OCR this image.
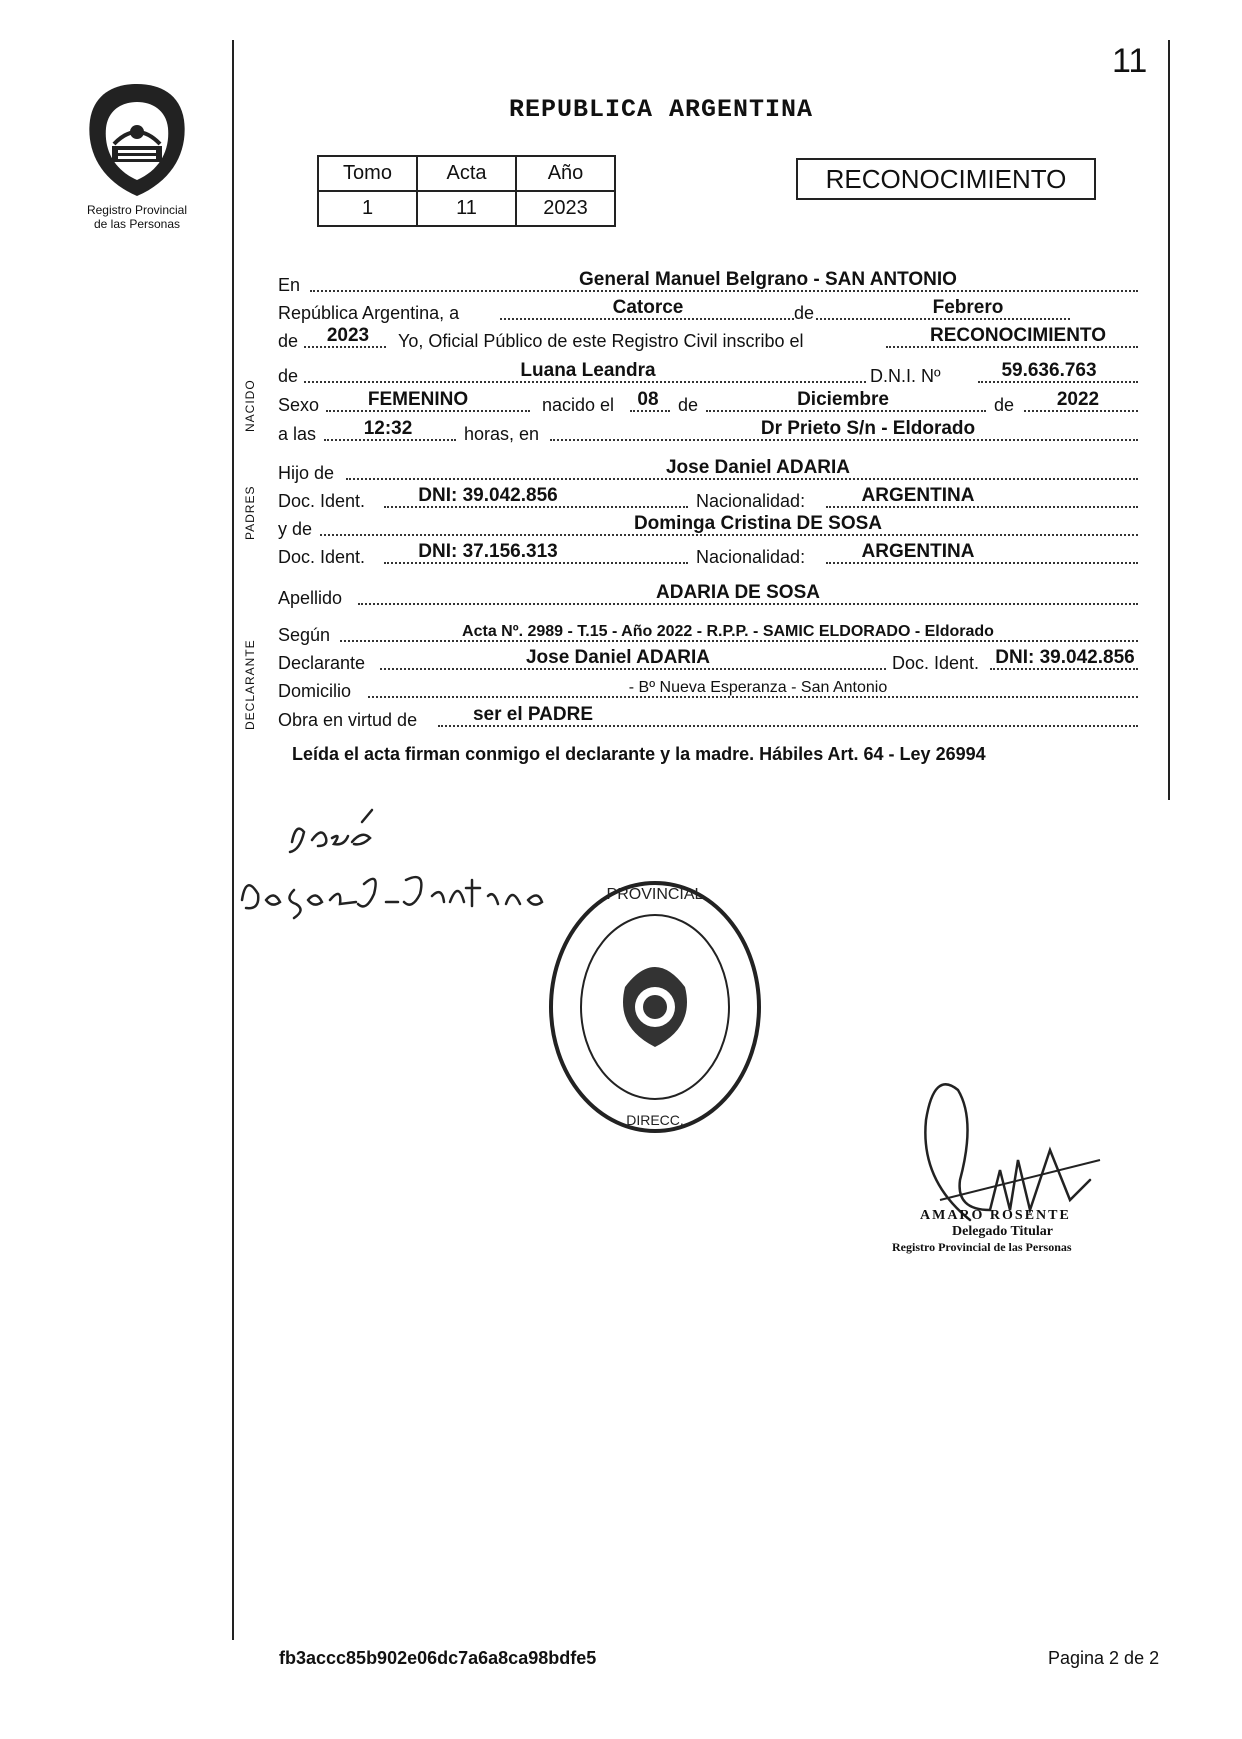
11
REPUBLICA ARGENTINA
Registro Provincial
de las Personas
Tomo	Acta	Año
1	11	2023
RECONOCIMIENTO
NACIDO
PADRES
DECLARANTE
En	General Manuel Belgrano - SAN ANTONIO
República Argentina, a	Catorce	de	Febrero
de	2023	Yo, Oficial Público de este Registro Civil inscribo el	RECONOCIMIENTO
de	Luana Leandra	D.N.I. Nº	59.636.763
Sexo	FEMENINO	nacido el	08	de	Diciembre	de	2022
a las	12:32	horas, en	Dr Prieto S/n - Eldorado
Hijo de	Jose Daniel ADARIA
Doc. Ident.	DNI: 39.042.856	Nacionalidad:	ARGENTINA
y de	Dominga Cristina DE SOSA
Doc. Ident.	DNI: 37.156.313	Nacionalidad:	ARGENTINA
Apellido	ADARIA DE SOSA
Según	Acta Nº. 2989 - T.15 - Año 2022 - R.P.P. - SAMIC ELDORADO - Eldorado
Declarante	Jose Daniel ADARIA	Doc. Ident. DNI: 39.042.856
Domicilio	- Bº Nueva Esperanza - San Antonio
Obra en virtud de	ser el PADRE
Leída el acta firman conmigo el declarante y la madre. Hábiles Art. 64 - Ley 26994
PROVINCIAL
DIRECC.
AMARO ROSENTE
Delegado Titular
Registro Provincial de las Personas
fb3accc85b902e06dc7a6a8ca98bdfe5	Pagina 2 de 2
